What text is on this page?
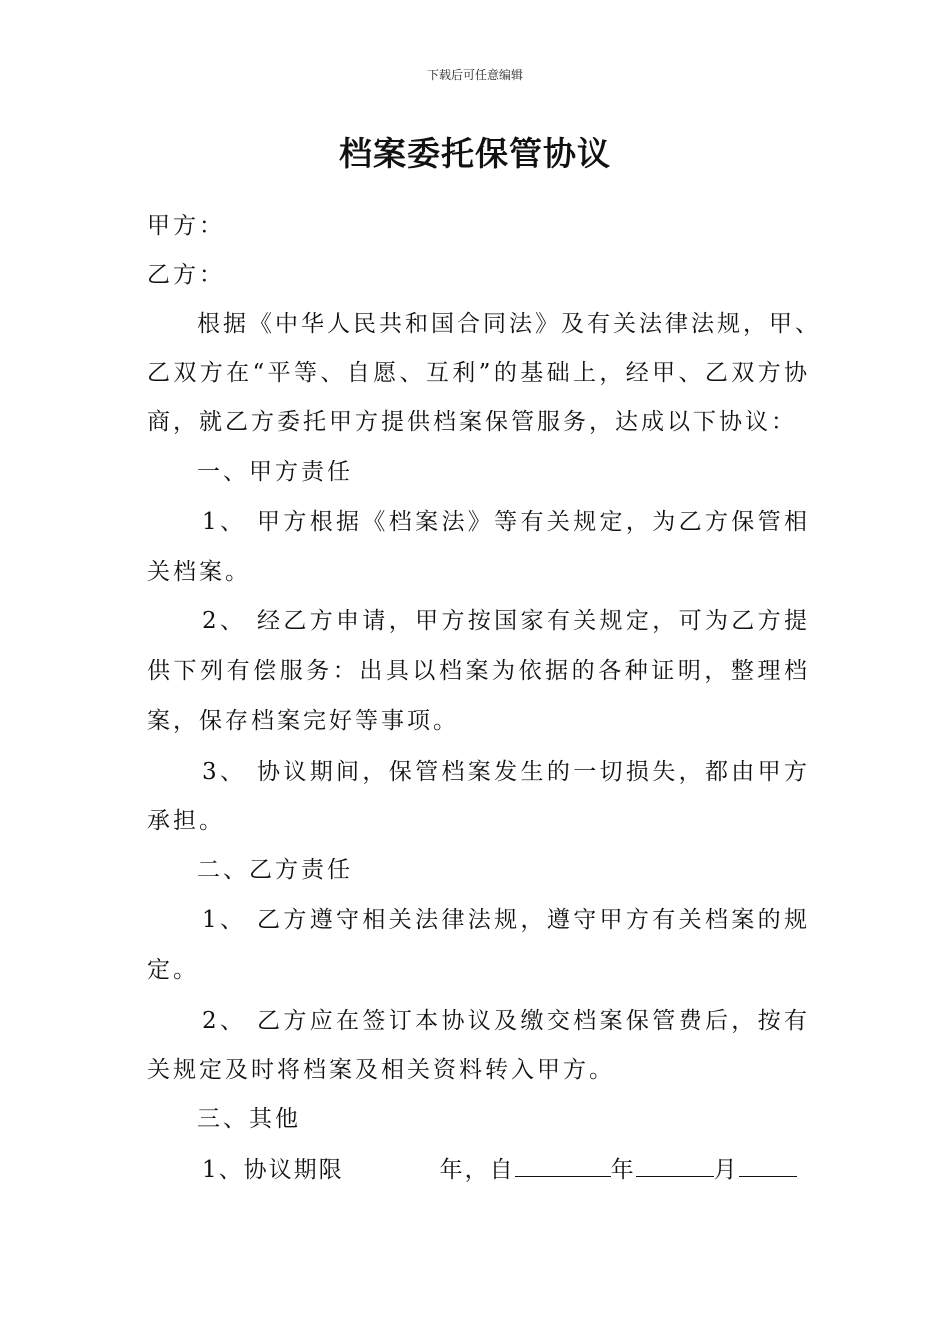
下载后可任意编辑
档案委托保管协议
甲方：
乙方：
根据《中华人民共和国合同法》及有关法律法规，甲、
乙双方在“平等、自愿、互利”的基础上，经甲、乙双方协
商，就乙方委托甲方提供档案保管服务，达成以下协议：
一、甲方责任
1、 甲方根据《档案法》等有关规定，为乙方保管相
关档案。
2、 经乙方申请，甲方按国家有关规定，可为乙方提
供下列有偿服务：出具以档案为依据的各种证明，整理档
案，保存档案完好等事项。
3、 协议期间，保管档案发生的一切损失，都由甲方
承担。
二、乙方责任
1、 乙方遵守相关法律法规，遵守甲方有关档案的规
定。
2、 乙方应在签订本协议及缴交档案保管费后，按有
关规定及时将档案及相关资料转入甲方。
三、其他
1、协议期限	年，自	年	月
